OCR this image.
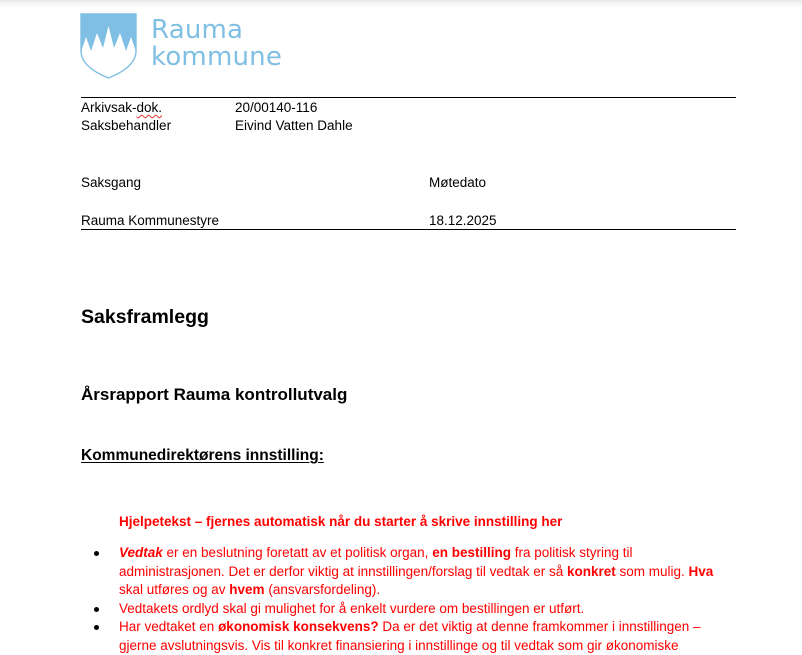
Rauma
kommune
Arkivsak-dok.	20/00140-116
Saksbehandler	Eivind Vatten Dahle
Saksgang	Møtedato
Rauma Kommunestyre	18.12.2025
Saksframlegg
Årsrapport Rauma kontrollutvalg
Kommunedirektørens innstilling:
Hjelpetekst – fjernes automatisk når du starter å skrive innstilling her
Vedtak er en beslutning foretatt av et politisk organ, en bestilling fra politisk styring til administrasjonen. Det er derfor viktig at innstillingen/forslag til vedtak er så konkret som mulig. Hva skal utføres og av hvem (ansvarsfordeling).
Vedtakets ordlyd skal gi mulighet for å enkelt vurdere om bestillingen er utført.
Har vedtaket en økonomisk konsekvens? Da er det viktig at denne framkommer i innstillingen – gjerne avslutningsvis. Vis til konkret finansiering i innstillinge og til vedtak som gir økonomiske
